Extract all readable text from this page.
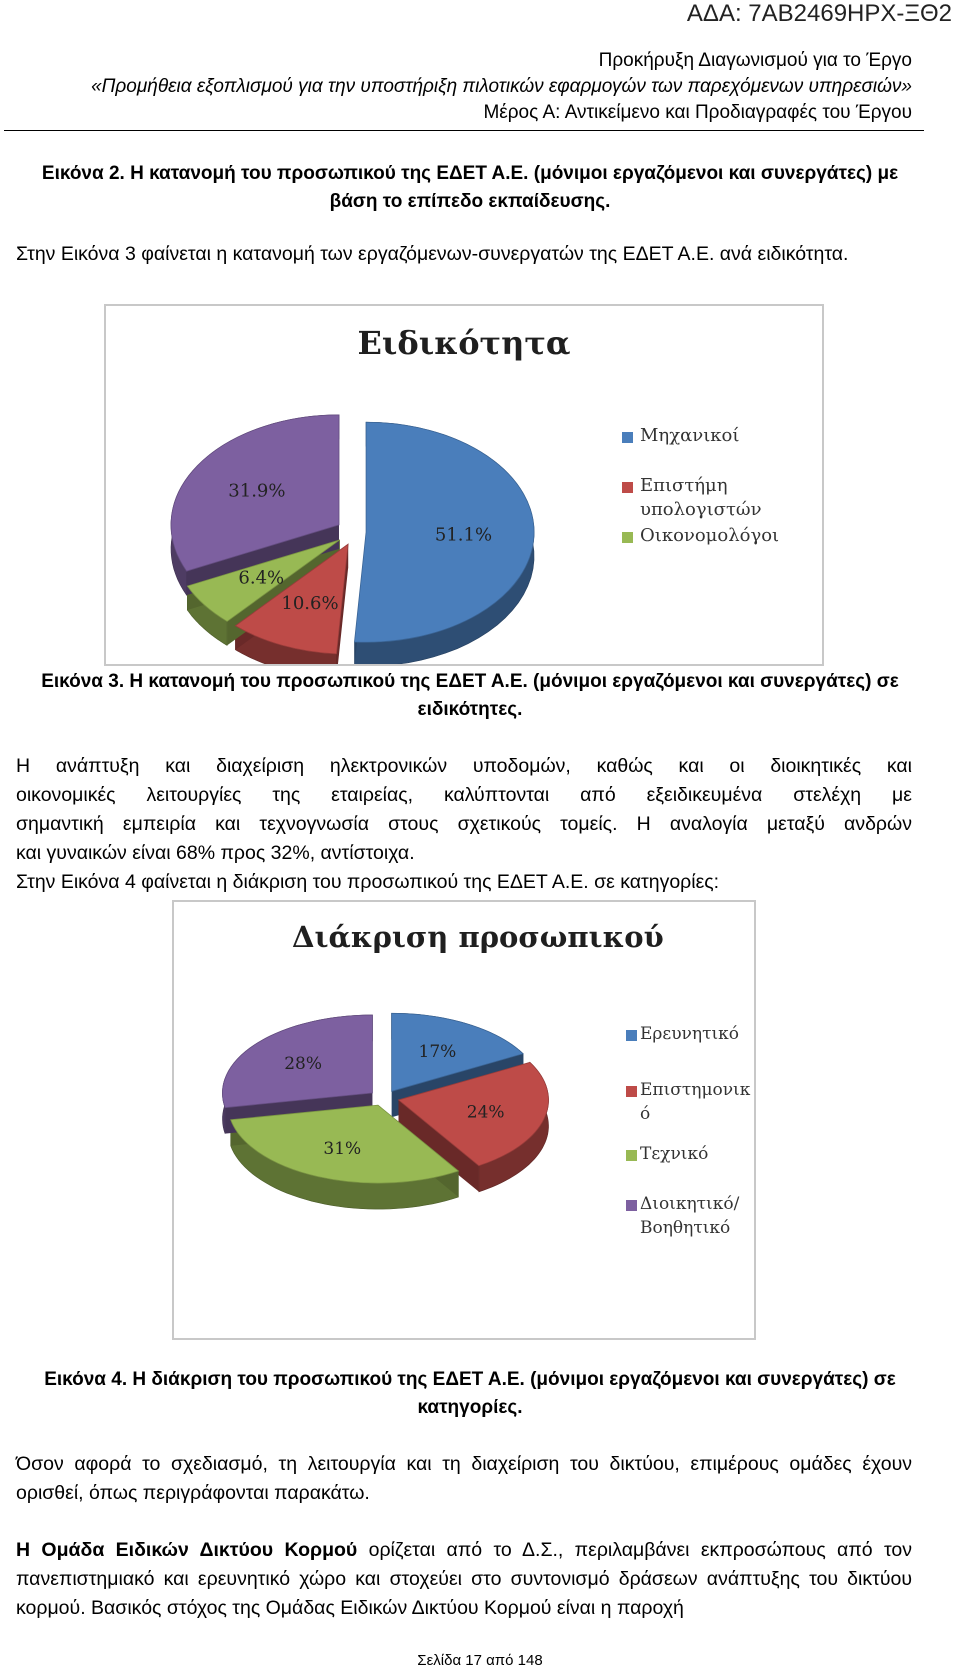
ΑΔΑ: 7ΑΒ2469ΗΡΧ-ΞΘ2
Προκήρυξη Διαγωνισμού για το Έργο
«Προμήθεια εξοπλισμού για την υποστήριξη πιλοτικών εφαρμογών των παρεχόμενων υπηρεσιών»
Μέρος Α: Αντικείμενο και Προδιαγραφές του Έργου
Εικόνα 2. Η κατανομή του προσωπικού της ΕΔΕΤ Α.Ε. (μόνιμοι εργαζόμενοι και συνεργάτες) με
βάση το επίπεδο εκπαίδευσης.
Στην Εικόνα 3 φαίνεται η κατανομή των εργαζόμενων-συνεργατών της ΕΔΕΤ Α.Ε. ανά ειδικότητα.
Ειδικότητα
51.1%
10.6%
6.4%
31.9%
Μηχανικοί
Επιστήμη
υπολογιστών
Οικονομολόγοι
Εικόνα 3. Η κατανομή του προσωπικού της ΕΔΕΤ Α.Ε. (μόνιμοι εργαζόμενοι και συνεργάτες) σε
ειδικότητες.
Η ανάπτυξη και διαχείριση ηλεκτρονικών υποδομών, καθώς και οι διοικητικές και
οικονομικές λειτουργίες της εταιρείας, καλύπτονται από εξειδικευμένα στελέχη με
σημαντική εμπειρία και τεχνογνωσία στους σχετικούς τομείς. Η αναλογία μεταξύ ανδρών
και γυναικών είναι 68% προς 32%, αντίστοιχα.
Στην Εικόνα 4 φαίνεται η διάκριση του προσωπικού της ΕΔΕΤ Α.Ε. σε κατηγορίες:
Διάκριση προσωπικού
17%
24%
31%
28%
Ερευνητικό
Επιστημονικ
ό
Τεχνικό
Διοικητικό/
Βοηθητικό
Εικόνα 4. Η διάκριση του προσωπικού της ΕΔΕΤ Α.Ε. (μόνιμοι εργαζόμενοι και συνεργάτες) σε
κατηγορίες.
Όσον αφορά το σχεδιασμό, τη λειτουργία και τη διαχείριση του δικτύου, επιμέρους ομάδες έχουν ορισθεί, όπως περιγράφονται παρακάτω.
Η Ομάδα Ειδικών Δικτύου Κορμού ορίζεται από το Δ.Σ., περιλαμβάνει εκπροσώπους από τον πανεπιστημιακό και ερευνητικό χώρο και στοχεύει στο συντονισμό δράσεων ανάπτυξης του δικτύου κορμού. Βασικός στόχος της Ομάδας Ειδικών Δικτύου Κορμού είναι η παροχή
Σελίδα 17 από 148
